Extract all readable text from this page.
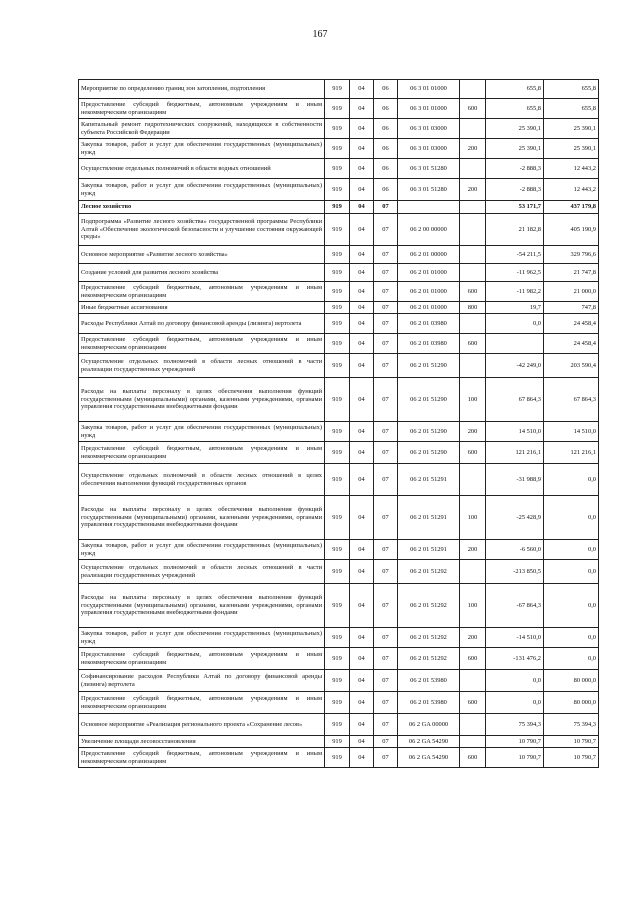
167
Мероприятие по определению границ зон затопления, подтопления	919	04	06	06 3 01 01000		655,8	655,8
Предоставление субсидий бюджетным, автономным учреждениям и иным некоммерческим организациям	919	04	06	06 3 01 01000	600	655,8	655,8
Капитальный ремонт гидротехнических сооружений, находящихся в собственности субъекта Российской Федерации	919	04	06	06 3 01 03000		25 390,1	25 390,1
Закупка товаров, работ и услуг для обеспечения государственных (муниципальных) нужд	919	04	06	06 3 01 03000	200	25 390,1	25 390,1
Осуществление отдельных полномочий в области водных отношений	919	04	06	06 3 01 51280		-2 888,3	12 443,2
Закупка товаров, работ и услуг для обеспечения государственных (муниципальных) нужд	919	04	06	06 3 01 51280	200	-2 888,3	12 443,2
Лесное хозяйство	919	04	07			53 171,7	437 179,8
Подпрограмма «Развитие лесного хозяйства» государственной программы Республики Алтай «Обеспечение экологической безопасности и улучшение состояния окружающей среды»	919	04	07	06 2 00 00000		21 182,8	405 190,9
Основное мероприятие «Развитие лесного хозяйства»	919	04	07	06 2 01 00000		-54 211,5	329 796,6
Создание условий для развития лесного хозяйства	919	04	07	06 2 01 01000		-11 962,5	21 747,8
Предоставление субсидий бюджетным, автономным учреждениям и иным некоммерческим организациям	919	04	07	06 2 01 01000	600	-11 982,2	21 000,0
Иные бюджетные ассигнования	919	04	07	06 2 01 01000	800	19,7	747,8
Расходы Республики Алтай по договору финансовой аренды (лизинга) вертолета	919	04	07	06 2 01 03980		0,0	24 458,4
Предоставление субсидий бюджетным, автономным учреждениям и иным некоммерческим организациям	919	04	07	06 2 01 03980	600		24 458,4
Осуществление отдельных полномочий в области лесных отношений в части реализации государственных учреждений	919	04	07	06 2 01 51290		-42 249,0	203 590,4
Расходы на выплаты персоналу в целях обеспечения выполнения функций государственными (муниципальными) органами, казенными учреждениями, органами управления государственными внебюджетными фондами	919	04	07	06 2 01 51290	100	67 864,3	67 864,3
Закупка товаров, работ и услуг для обеспечения государственных (муниципальных) нужд	919	04	07	06 2 01 51290	200	14 510,0	14 510,0
Предоставление субсидий бюджетным, автономным учреждениям и иным некоммерческим организациям	919	04	07	06 2 01 51290	600	121 216,1	121 216,1
Осуществление отдельных полномочий в области лесных отношений в целях обеспечения выполнения функций государственных органов	919	04	07	06 2 01 51291		-31 988,9	0,0
Расходы на выплаты персоналу в целях обеспечения выполнения функций государственными (муниципальными) органами, казенными учреждениями, органами управления государственными внебюджетными фондами	919	04	07	06 2 01 51291	100	-25 428,9	0,0
Закупка товаров, работ и услуг для обеспечения государственных (муниципальных) нужд	919	04	07	06 2 01 51291	200	-6 560,0	0,0
Осуществление отдельных полномочий в области лесных отношений в части реализации государственных учреждений	919	04	07	06 2 01 51292		-213 850,5	0,0
Расходы на выплаты персоналу в целях обеспечения выполнения функций государственными (муниципальными) органами, казенными учреждениями, органами управления государственными внебюджетными фондами	919	04	07	06 2 01 51292	100	-67 864,3	0,0
Закупка товаров, работ и услуг для обеспечения государственных (муниципальных) нужд	919	04	07	06 2 01 51292	200	-14 510,0	0,0
Предоставление субсидий бюджетным, автономным учреждениям и иным некоммерческим организациям	919	04	07	06 2 01 51292	600	-131 476,2	0,0
Софинансирование расходов Республики Алтай по договору финансовой аренды (лизинга) вертолета	919	04	07	06 2 01 53980		0,0	80 000,0
Предоставление субсидий бюджетным, автономным учреждениям и иным некоммерческим организациям	919	04	07	06 2 01 53980	600	0,0	80 000,0
Основное мероприятие «Реализация регионального проекта «Сохранение лесов»	919	04	07	06 2 GA 00000		75 394,3	75 394,3
Увеличение площади лесовосстановления	919	04	07	06 2 GA 54290		10 790,7	10 790,7
Предоставление субсидий бюджетным, автономным учреждениям и иным некоммерческим организациям	919	04	07	06 2 GA 54290	600	10 790,7	10 790,7
